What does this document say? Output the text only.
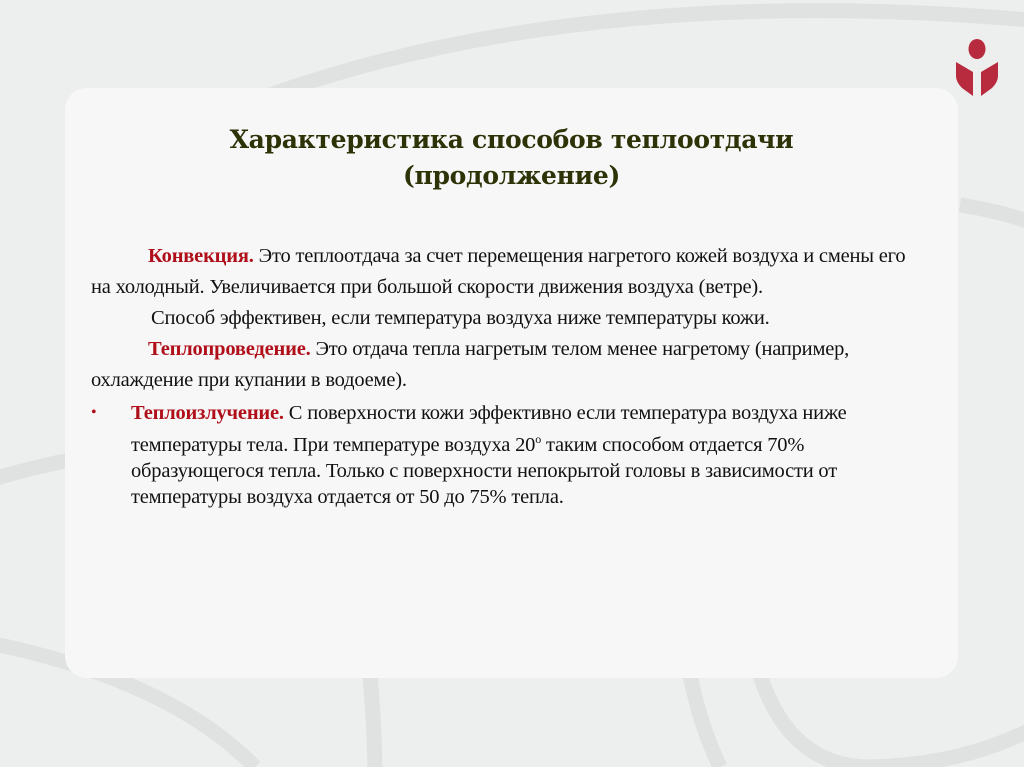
Характеристика способов теплоотдачи
(продолжение)

Конвекция. Это теплоотдача за счет перемещения нагретого кожей воздуха и смены его на холодный. Увеличивается при большой скорости движения воздуха (ветре).

Способ эффективен, если температура воздуха ниже температуры кожи.

Теплопроведение. Это отдача тепла нагретым телом менее нагретому (например, охлаждение при купании в водоеме).

• Теплоизлучение. С поверхности кожи эффективно если температура воздуха ниже температуры тела. При температуре воздуха $20^о$ таким способом отдается 70% образующегося тепла. Только с поверхности непокрытой головы в зависимости от температуры воздуха отдается от 50 до 75% тепла.
